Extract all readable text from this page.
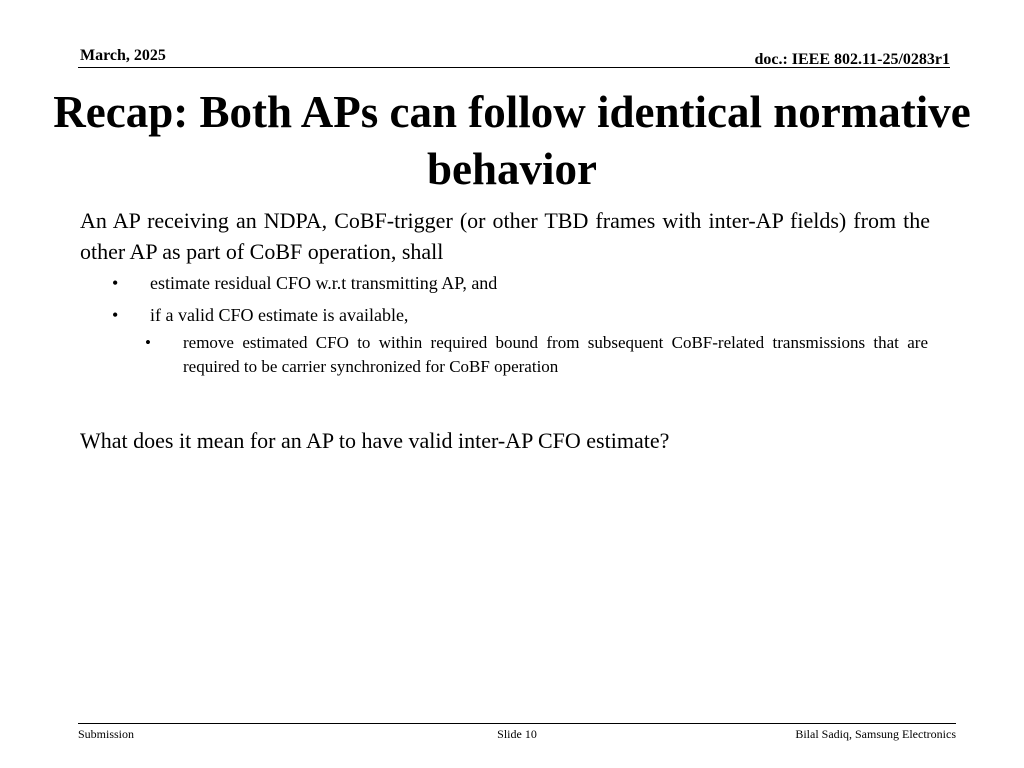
March, 2025	doc.: IEEE 802.11-25/0283r1
Recap: Both APs can follow identical normative behavior

An AP receiving an NDPA, CoBF-trigger (or other TBD frames with inter-AP fields) from the other AP as part of CoBF operation, shall

• estimate residual CFO w.r.t transmitting AP, and
• if a valid CFO estimate is available,
• remove estimated CFO to within required bound from subsequent CoBF-related transmissions that are required to be carrier synchronized for CoBF operation

What does it mean for an AP to have valid inter-AP CFO estimate?

Submission	Slide 10	Bilal Sadiq, Samsung Electronics
